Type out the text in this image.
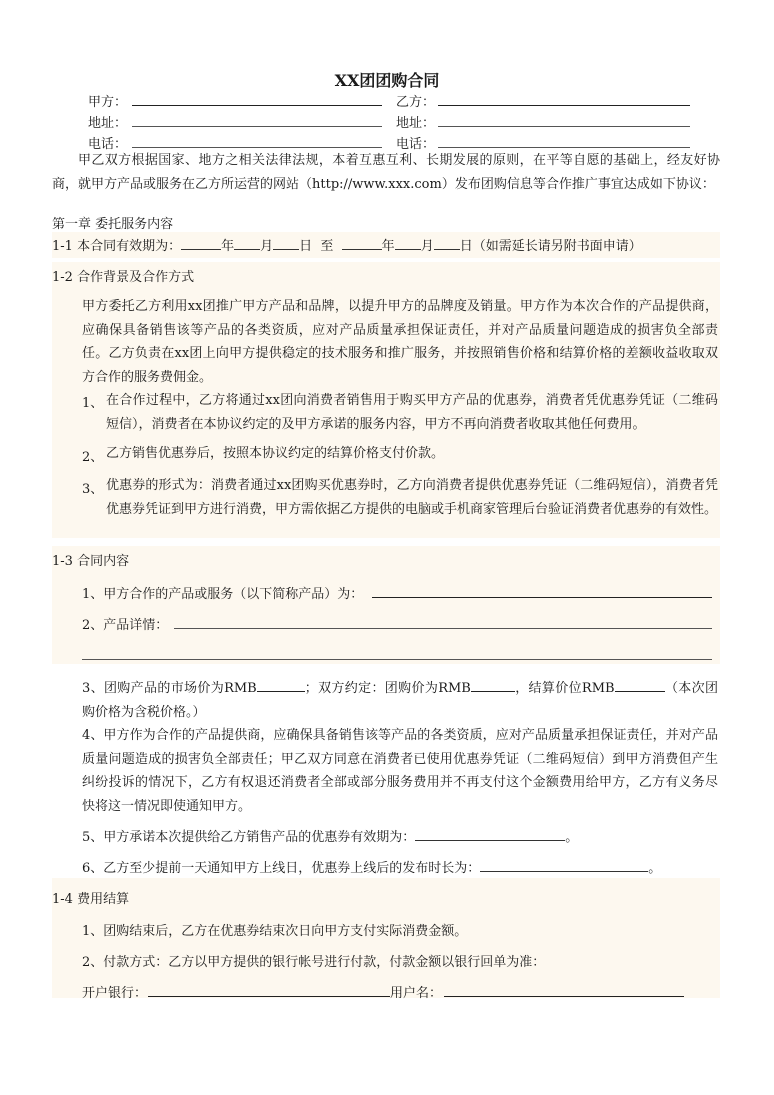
XX团团购合同
甲方：	乙方：
地址：	地址：
电话：	电话：
甲乙双方根据国家、地方之相关法律法规，本着互惠互利、长期发展的原则，在平等自愿的基础上，经友好协商，就甲方产品或服务在乙方所运营的网站（http://www.xxx.com）发布团购信息等合作推广事宜达成如下协议：
第一章 委托服务内容
1-1 本合同有效期为：	年 月 日 至	年 月 日（如需延长请另附书面申请）
1-2 合作背景及合作方式
甲方委托乙方利用xx团推广甲方产品和品牌，以提升甲方的品牌度及销量。甲方作为本次合作的产品提供商，应确保具备销售该等产品的各类资质，应对产品质量承担保证责任，并对产品质量问题造成的损害负全部责任。乙方负责在xx团上向甲方提供稳定的技术服务和推广服务，并按照销售价格和结算价格的差额收益收取双方合作的服务费佣金。
1、 在合作过程中，乙方将通过xx团向消费者销售用于购买甲方产品的优惠券，消费者凭优惠券凭证（二维码短信），消费者在本协议约定的及甲方承诺的服务内容，甲方不再向消费者收取其他任何费用。
2、 乙方销售优惠券后，按照本协议约定的结算价格支付价款。
3、 优惠券的形式为：消费者通过xx团购买优惠券时，乙方向消费者提供优惠券凭证（二维码短信），消费者凭优惠券凭证到甲方进行消费，甲方需依据乙方提供的电脑或手机商家管理后台验证消费者优惠券的有效性。
1-3 合同内容
1、甲方合作的产品或服务（以下简称产品）为：
2、产品详情：
3、团购产品的市场价为RMB	；双方约定：团购价为RMB	，结算价位RMB	（本次团购价格为含税价格。）
4、甲方作为合作的产品提供商，应确保具备销售该等产品的各类资质，应对产品质量承担保证责任，并对产品质量问题造成的损害负全部责任；甲乙双方同意在消费者已使用优惠券凭证（二维码短信）到甲方消费但产生纠纷投诉的情况下，乙方有权退还消费者全部或部分服务费用并不再支付这个金额费用给甲方，乙方有义务尽快将这一情况即使通知甲方。
5、甲方承诺本次提供给乙方销售产品的优惠券有效期为：	。
6、乙方至少提前一天通知甲方上线日，优惠券上线后的发布时长为：	。
1-4 费用结算
1、团购结束后，乙方在优惠券结束次日向甲方支付实际消费金额。
2、付款方式：乙方以甲方提供的银行帐号进行付款，付款金额以银行回单为准：
开户银行：	用户名：
